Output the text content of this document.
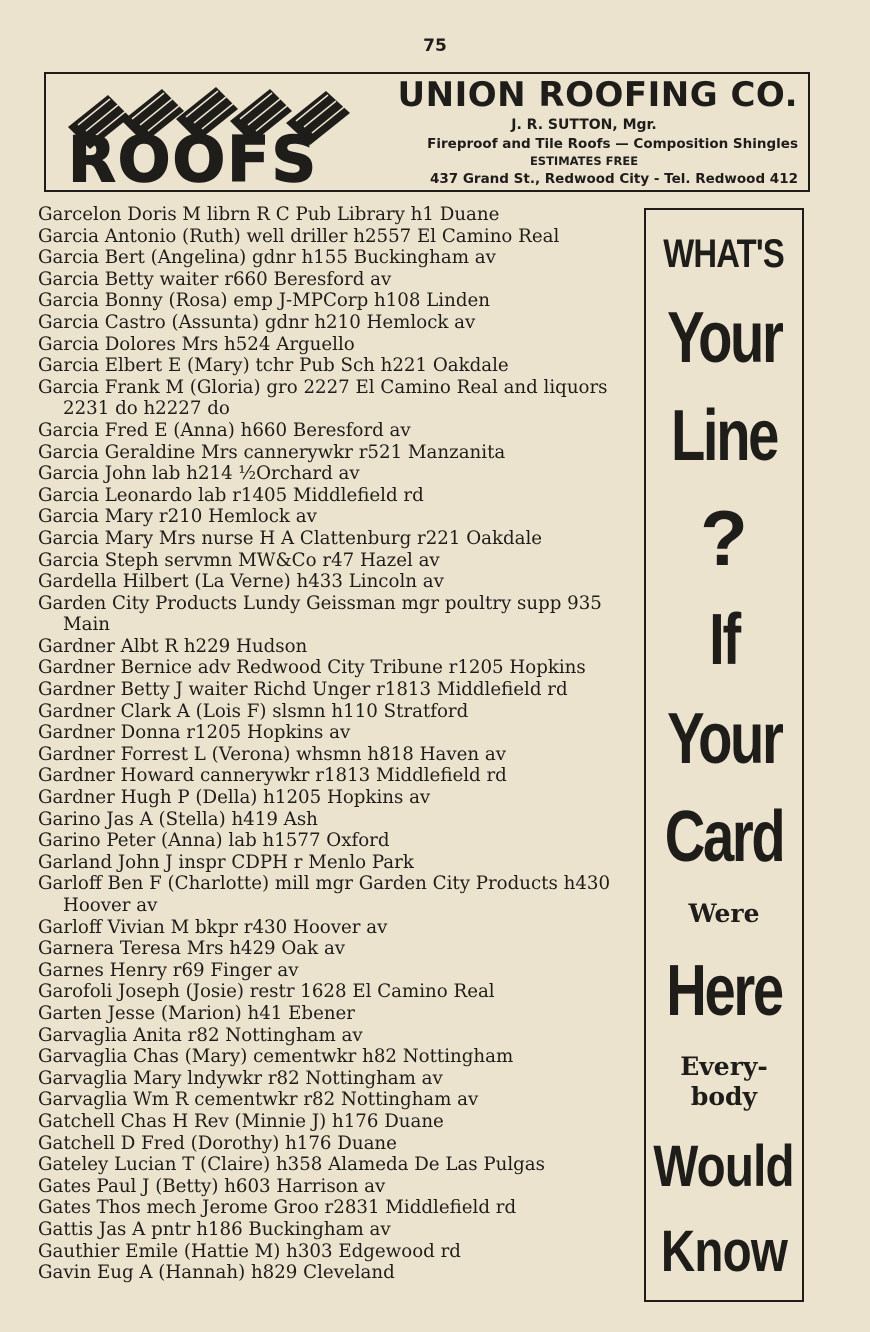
75
ROOFS
UNION ROOFING CO.
J. R. SUTTON, Mgr.
Fireproof and Tile Roofs — Composition Shingles
ESTIMATES FREE
437 Grand St., Redwood City - Tel. Redwood 412

Garcelon Doris M librn R C Pub Library h1 Duane

Garcia Antonio (Ruth) well driller h2557 El Camino Real

Garcia Bert (Angelina) gdnr h155 Buckingham av

Garcia Betty waiter r660 Beresford av

Garcia Bonny (Rosa) emp J-MPCorp h108 Linden

Garcia Castro (Assunta) gdnr h210 Hemlock av

Garcia Dolores Mrs h524 Arguello

Garcia Elbert E (Mary) tchr Pub Sch h221 Oakdale

Garcia Frank M (Gloria) gro 2227 El Camino Real and liquors 2231 do h2227 do

Garcia Fred E (Anna) h660 Beresford av

Garcia Geraldine Mrs cannerywkr r521 Manzanita

Garcia John lab h214 ½Orchard av

Garcia Leonardo lab r1405 Middlefield rd

Garcia Mary r210 Hemlock av

Garcia Mary Mrs nurse H A Clattenburg r221 Oakdale

Garcia Steph servmn MW&Co r47 Hazel av

Gardella Hilbert (La Verne) h433 Lincoln av

Garden City Products Lundy Geissman mgr poultry supp 935 Main

Gardner Albt R h229 Hudson

Gardner Bernice adv Redwood City Tribune r1205 Hopkins

Gardner Betty J waiter Richd Unger r1813 Middlefield rd

Gardner Clark A (Lois F) slsmn h110 Stratford

Gardner Donna r1205 Hopkins av

Gardner Forrest L (Verona) whsmn h818 Haven av

Gardner Howard cannerywkr r1813 Middlefield rd

Gardner Hugh P (Della) h1205 Hopkins av

Garino Jas A (Stella) h419 Ash

Garino Peter (Anna) lab h1577 Oxford

Garland John J inspr CDPH r Menlo Park

Garloff Ben F (Charlotte) mill mgr Garden City Products h430 Hoover av

Garloff Vivian M bkpr r430 Hoover av

Garnera Teresa Mrs h429 Oak av

Garnes Henry r69 Finger av

Garofoli Joseph (Josie) restr 1628 El Camino Real

Garten Jesse (Marion) h41 Ebener

Garvaglia Anita r82 Nottingham av

Garvaglia Chas (Mary) cementwkr h82 Nottingham

Garvaglia Mary lndywkr r82 Nottingham av

Garvaglia Wm R cementwkr r82 Nottingham av

Gatchell Chas H Rev (Minnie J) h176 Duane

Gatchell D Fred (Dorothy) h176 Duane

Gateley Lucian T (Claire) h358 Alameda De Las Pulgas

Gates Paul J (Betty) h603 Harrison av

Gates Thos mech Jerome Groo r2831 Middlefield rd

Gattis Jas A pntr h186 Buckingham av

Gauthier Emile (Hattie M) h303 Edgewood rd

Gavin Eug A (Hannah) h829 Cleveland

WHAT'S
Your
Line
?
If
Your
Card
Were
Here
Every-
body
Would
Know
